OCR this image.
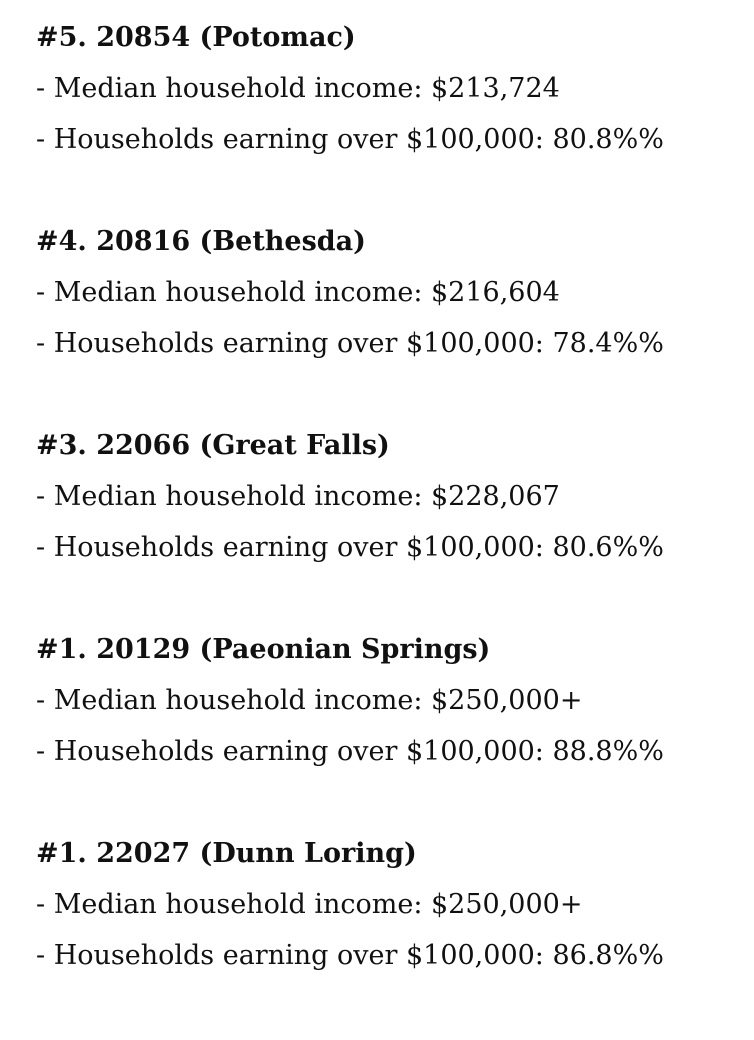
#5. 20854 (Potomac)

- Median household income: $213,724

- Households earning over $100,000: 80.8%%

#4. 20816 (Bethesda)

- Median household income: $216,604

- Households earning over $100,000: 78.4%%

#3. 22066 (Great Falls)

- Median household income: $228,067

- Households earning over $100,000: 80.6%%

#1. 20129 (Paeonian Springs)

- Median household income: $250,000+

- Households earning over $100,000: 88.8%%

#1. 22027 (Dunn Loring)

- Median household income: $250,000+

- Households earning over $100,000: 86.8%%
